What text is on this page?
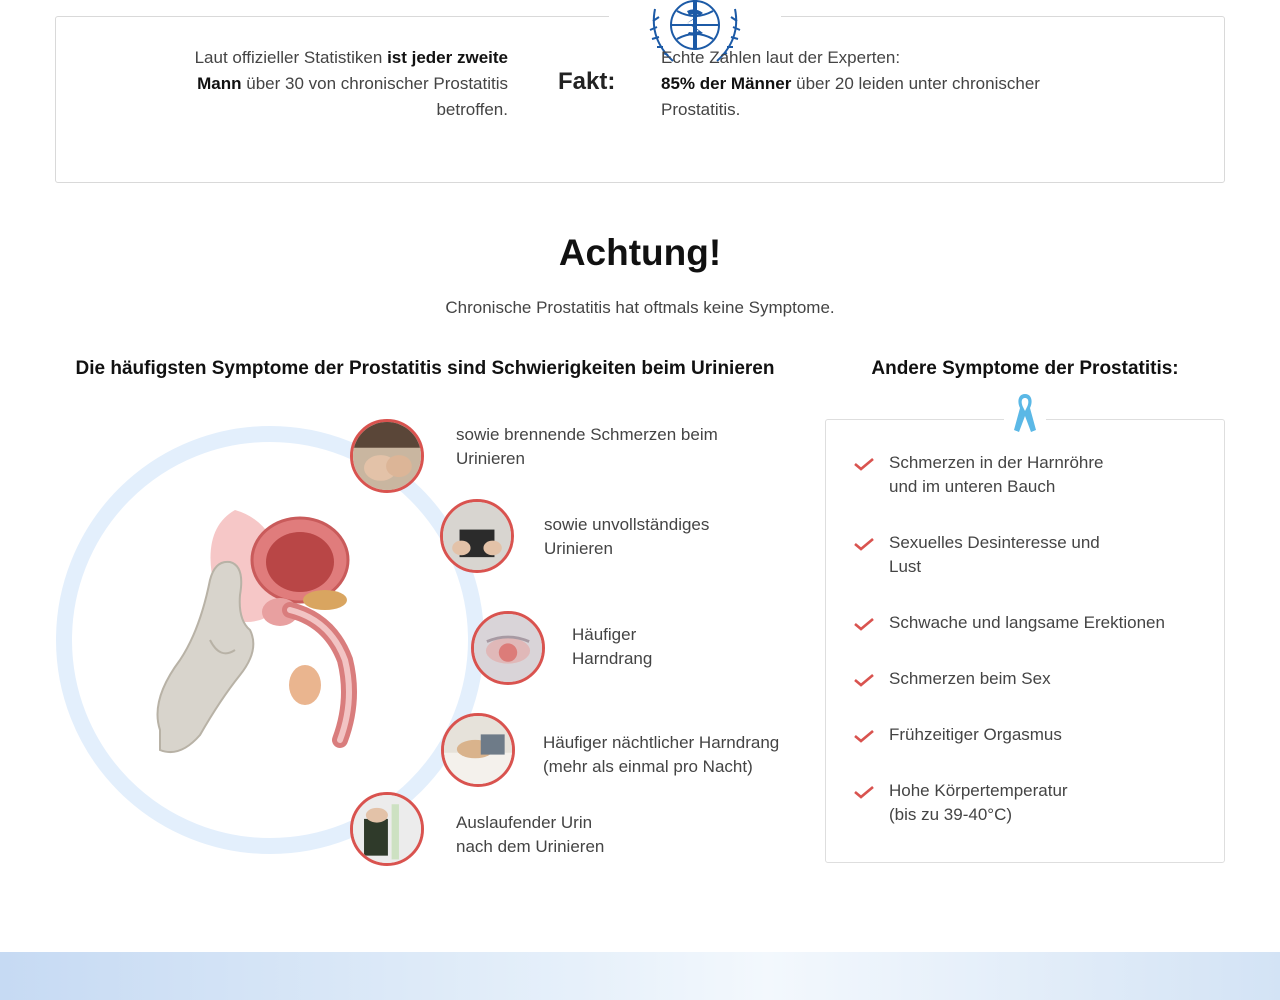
Laut offizieller Statistiken ist jeder zweite Mann über 30 von chronischer Prostatitis betroffen.
Fakt:
Echte Zahlen laut der Experten:
85% der Männer über 20 leiden unter chronischer Prostatitis.
Achtung!
Chronische Prostatitis hat oftmals keine Symptome.
Die häufigsten Symptome der Prostatitis sind Schwierigkeiten beim Urinieren	Andere Symptome der Prostatitis:
sowie brennende Schmerzen beim
Urinieren
sowie unvollständiges
Urinieren
Häufiger
Harndrang
Häufiger nächtlicher Harndrang
(mehr als einmal pro Nacht)
Auslaufender Urin
nach dem Urinieren
Schmerzen in der Harnröhre
und im unteren Bauch
Sexuelles Desinteresse und
Lust
Schwache und langsame Erektionen
Schmerzen beim Sex
Frühzeitiger Orgasmus
Hohe Körpertemperatur
(bis zu 39-40°C)
